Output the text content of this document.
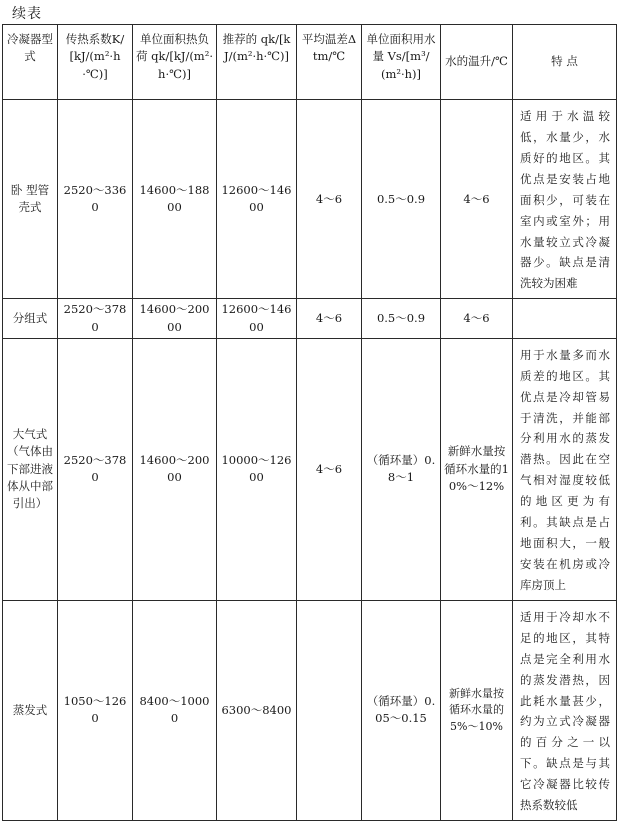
续表
冷凝器型式	传热系数K/[kJ/(m²·h·℃)]	单位面积热负荷 qk/[kJ/(m²·h·℃)]	推荐的 qk/[kJ/(m²·h·℃)]	平均温差Δtm/℃	单位面积用水量 Vs/[m³/(m²·h)]	水的温升/℃	特 点
卧 型管壳式	2520～3360	14600～18800	12600～14600	4～6	0.5～0.9	4～6	适用于水温较低，水量少，水质好的地区。其优点是安装占地面积少，可装在室内或室外；用水量较立式冷凝器少。缺点是清洗较为困难
分组式	2520～3780	14600～20000	12600～14600	4～6	0.5～0.9	4～6	
大气式（气体由下部进液体从中部引出）	2520～3780	14600～20000	10000～12600	4～6	（循环量）0.8～1	新鲜水量按循环水量的10%～12%	用于水量多而水质差的地区。其优点是冷却管易于清洗，并能部分利用水的蒸发潜热。因此在空气相对湿度较低的地区更为有利。其缺点是占地面积大，一般安装在机房或冷库房顶上
蒸发式	1050～1260	8400～10000	6300～8400		（循环量）0.05～0.15	新鲜水量按循环水量的5%～10%	适用于冷却水不足的地区，其特点是完全利用水的蒸发潜热，因此耗水量甚少，约为立式冷凝器的百分之一以下。缺点是与其它冷凝器比较传热系数较低
